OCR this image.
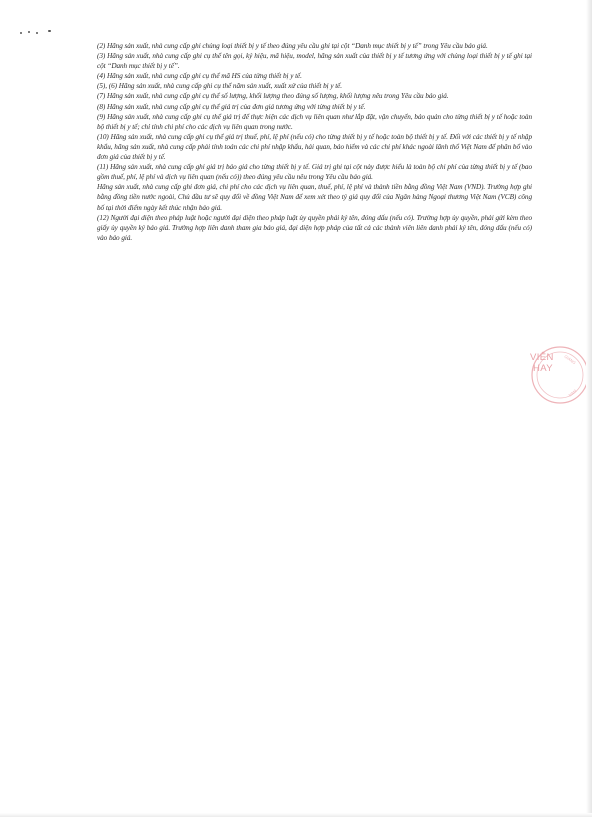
(2) Hãng sản xuất, nhà cung cấp ghi chủng loại thiết bị y tế theo đúng yêu cầu ghi tại cột “Danh mục thiết bị y tế” trong Yêu cầu báo giá.

(3) Hãng sản xuất, nhà cung cấp ghi cụ thể tên gọi, ký hiệu, mã hiệu, model, hãng sản xuất của thiết bị y tế tương ứng với chủng loại thiết bị y tế ghi tại cột “Danh mục thiết bị y tế”.

(4) Hãng sản xuất, nhà cung cấp ghi cụ thể mã HS của từng thiết bị y tế.

(5), (6) Hãng sản xuất, nhà cung cấp ghi cụ thể năm sản xuất, xuất xứ của thiết bị y tế.

(7) Hãng sản xuất, nhà cung cấp ghi cụ thể số lượng, khối lượng theo đúng số lượng, khối lượng nêu trong Yêu cầu báo giá.

(8) Hãng sản xuất, nhà cung cấp ghi cụ thể giá trị của đơn giá tương ứng với từng thiết bị y tế.

(9) Hãng sản xuất, nhà cung cấp ghi cụ thể giá trị để thực hiện các dịch vụ liên quan như lắp đặt, vận chuyển, bảo quản cho từng thiết bị y tế hoặc toàn bộ thiết bị y tế; chỉ tính chi phí cho các dịch vụ liên quan trong nước.

(10) Hãng sản xuất, nhà cung cấp ghi cụ thể giá trị thuế, phí, lệ phí (nếu có) cho từng thiết bị y tế hoặc toàn bộ thiết bị y tế. Đối với các thiết bị y tế nhập khẩu, hãng sản xuất, nhà cung cấp phải tính toán các chi phí nhập khẩu, hải quan, bảo hiểm và các chi phí khác ngoài lãnh thổ Việt Nam để phân bổ vào đơn giá của thiết bị y tế.

(11) Hãng sản xuất, nhà cung cấp ghi giá trị báo giá cho từng thiết bị y tế. Giá trị ghi tại cột này được hiểu là toàn bộ chi phí của từng thiết bị y tế (bao gồm thuế, phí, lệ phí và dịch vụ liên quan (nếu có)) theo đúng yêu cầu nêu trong Yêu cầu báo giá.

Hãng sản xuất, nhà cung cấp ghi đơn giá, chi phí cho các dịch vụ liên quan, thuế, phí, lệ phí và thành tiền bằng đồng Việt Nam (VND). Trường hợp ghi bằng đồng tiền nước ngoài, Chủ đầu tư sẽ quy đổi về đồng Việt Nam để xem xét theo tỷ giá quy đổi của Ngân hàng Ngoại thương Việt Nam (VCB) công bố tại thời điểm ngày kết thúc nhận báo giá.

(12) Người đại diện theo pháp luật hoặc người đại diện theo pháp luật ủy quyền phải ký tên, đóng dấu (nếu có). Trường hợp ủy quyền, phải gửi kèm theo giấy ủy quyền ký báo giá. Trường hợp liên danh tham gia báo giá, đại diện hợp pháp của tất cả các thành viên liên danh phải ký tên, đóng dấu (nếu có) vào báo giá.

GIANG
NAM
VIÊN
HAY
